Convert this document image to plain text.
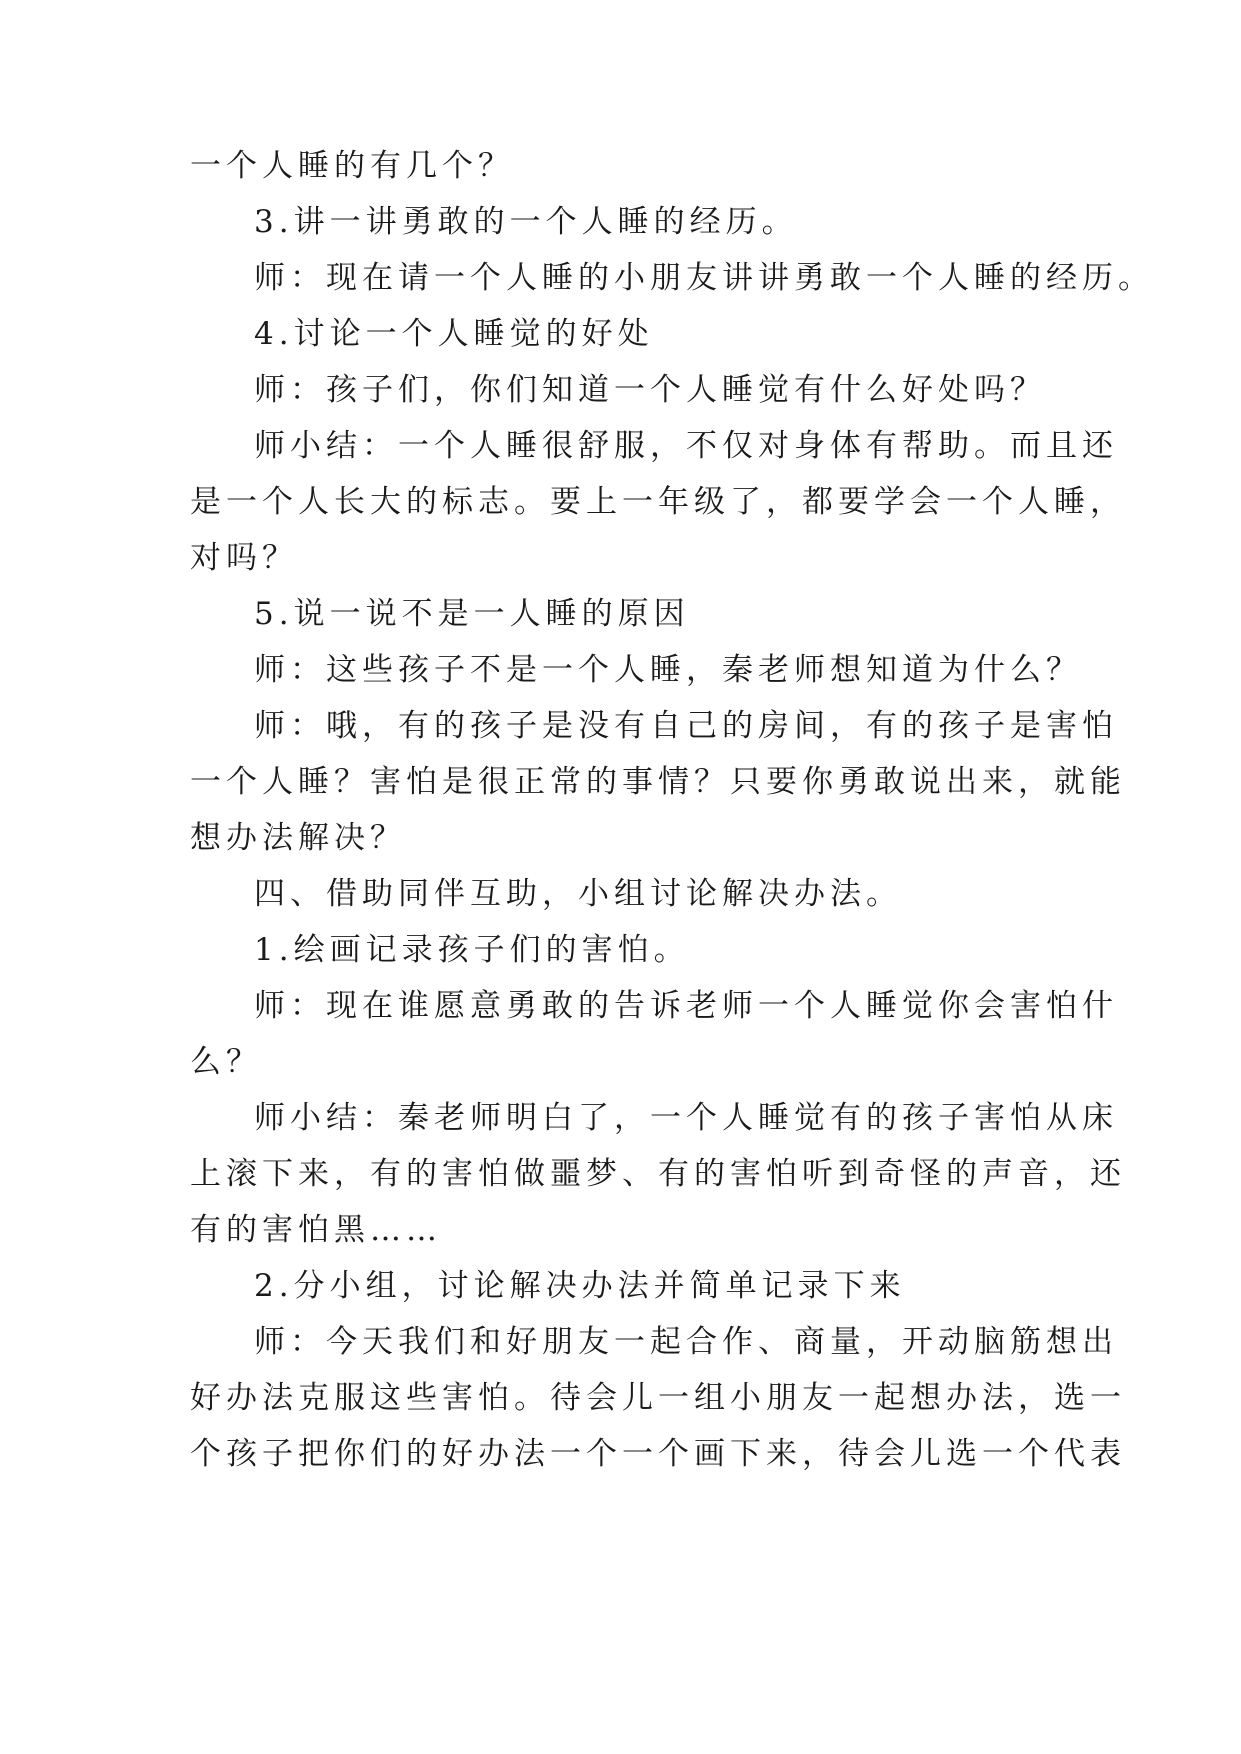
一个人睡的有几个？
3.讲一讲勇敢的一个人睡的经历。
师：现在请一个人睡的小朋友讲讲勇敢一个人睡的经历。
4.讨论一个人睡觉的好处
师：孩子们，你们知道一个人睡觉有什么好处吗？
师小结：一个人睡很舒服，不仅对身体有帮助。而且还
是一个人长大的标志。要上一年级了，都要学会一个人睡，
对吗？
5.说一说不是一人睡的原因
师：这些孩子不是一个人睡，秦老师想知道为什么？
师：哦，有的孩子是没有自己的房间，有的孩子是害怕
一个人睡？害怕是很正常的事情？只要你勇敢说出来，就能
想办法解决？
四、借助同伴互助，小组讨论解决办法。
1.绘画记录孩子们的害怕。
师：现在谁愿意勇敢的告诉老师一个人睡觉你会害怕什
么？
师小结：秦老师明白了，一个人睡觉有的孩子害怕从床
上滚下来，有的害怕做噩梦、有的害怕听到奇怪的声音，还
有的害怕黑……
2.分小组，讨论解决办法并简单记录下来
师：今天我们和好朋友一起合作、商量，开动脑筋想出
好办法克服这些害怕。待会儿一组小朋友一起想办法，选一
个孩子把你们的好办法一个一个画下来，待会儿选一个代表
